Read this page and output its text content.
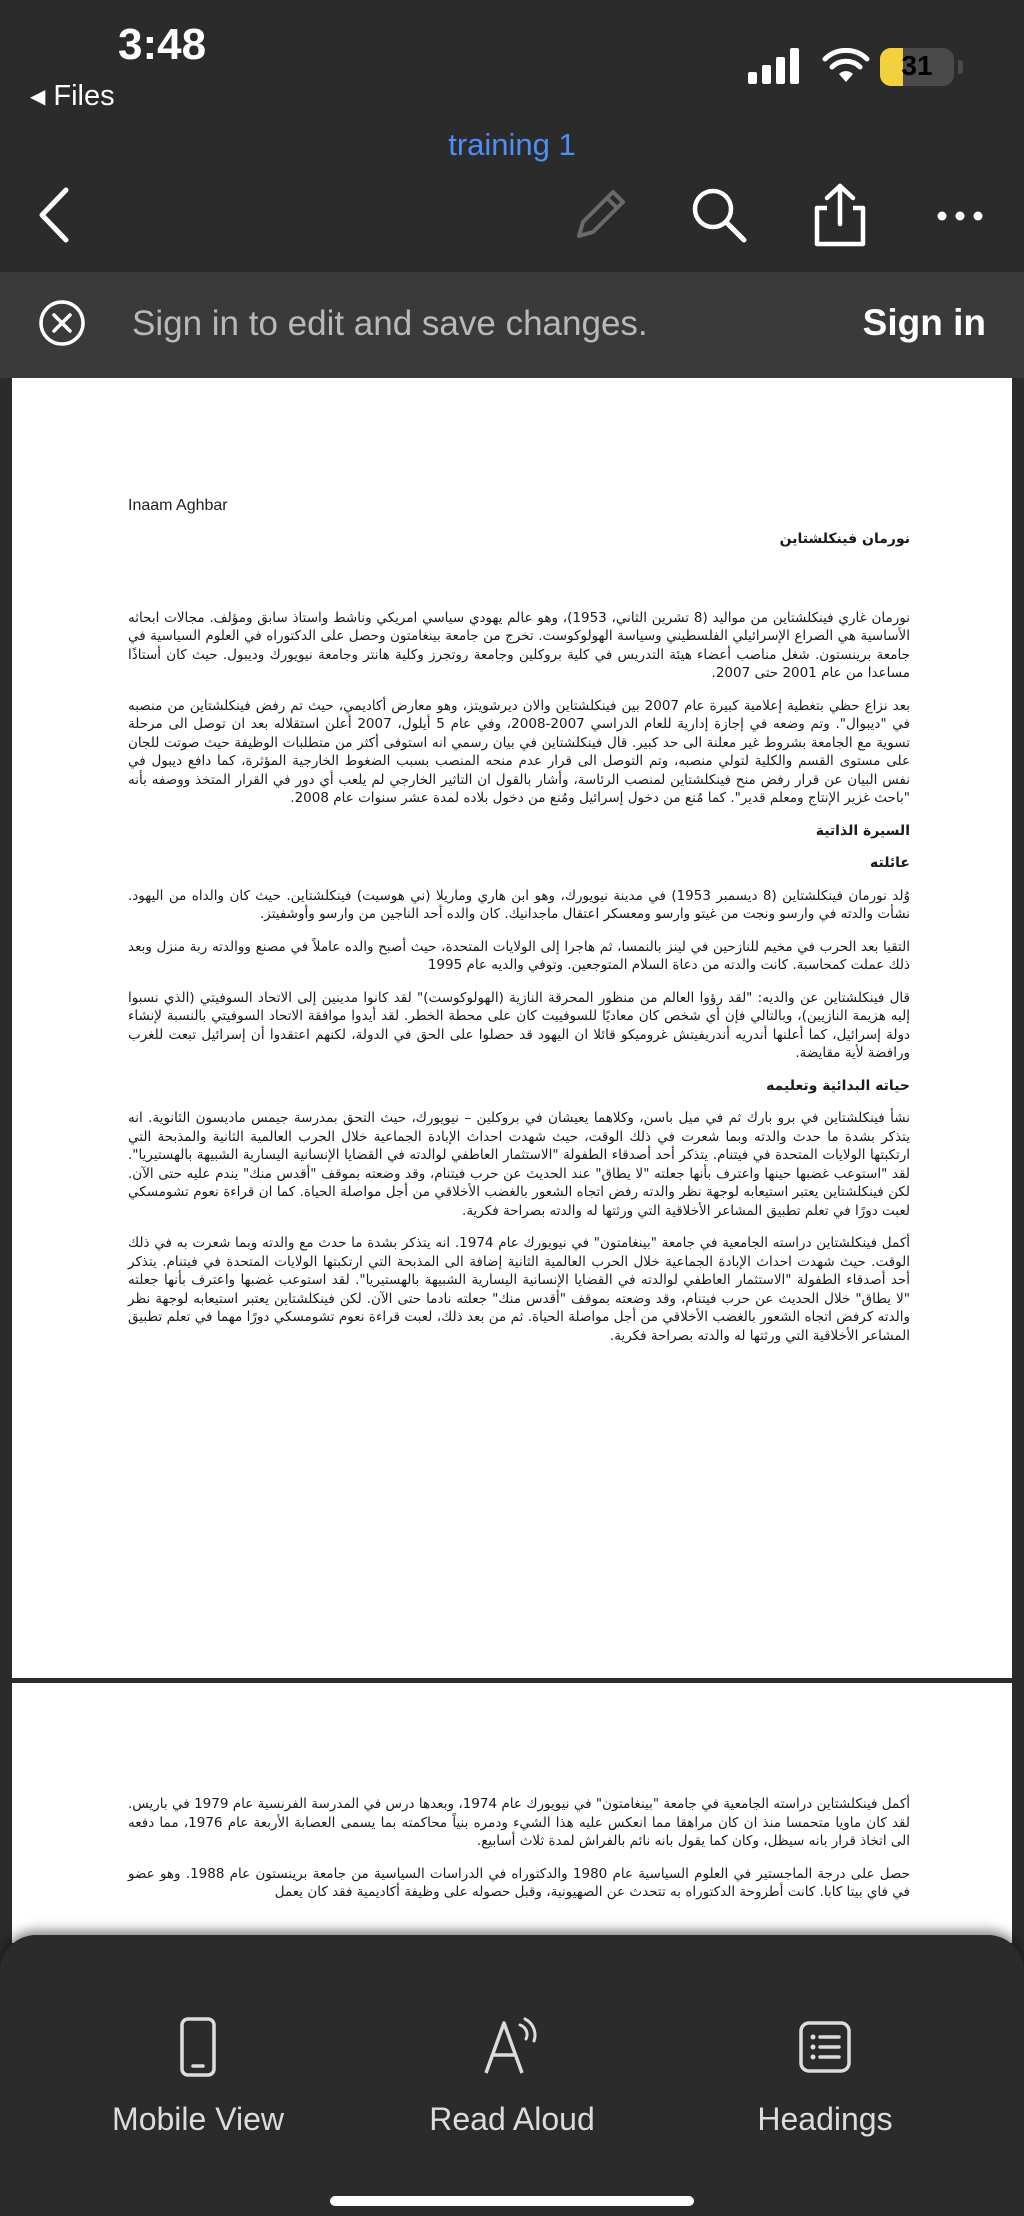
3:48
◀ Files
31
training 1
Sign in to edit and save changes.	Sign in
Inaam Aghbar
نورمان فينكلشتاين

نورمان غاري فينكلشتاين من مواليد (8 تشرين الثاني، 1953)، وهو عالم يهودي سياسي امريكي وناشط واستاذ سابق ومؤلف. مجالات ابحاثه الأساسية هي الصراع الإسرائيلي الفلسطيني وسياسة الهولوكوست. تخرج من جامعة بينغامتون وحصل على الدكتوراه في العلوم السياسية في جامعة برينستون. شغل مناصب أعضاء هيئة التدريس في كلية بروكلين وجامعة روتجرز وكلية هانتر وجامعة نيويورك وديبول. حيث كان أستاذًا مساعدا من عام 2001 حتى 2007.

بعد نزاع حظي بتغطية إعلامية كبيرة عام 2007 بين فينكلشتاين والان ديرشويتز، وهو معارض أكاديمي، حيث تم رفض فينكلشتاين من منصبه في "ديبوال". وتم وضعه في إجازة إدارية للعام الدراسي 2007-2008، وفي عام 5 أيلول، 2007 أعلن استقلاله بعد ان توصل الى مرحلة تسوية مع الجامعة بشروط غير معلنة الى حد كبير. قال فينكلشتاين في بيان رسمي انه استوفى أكثر من متطلبات الوظيفة حيث صوتت للجان على مستوى القسم والكلية لتولي منصبه، وتم التوصل الى قرار عدم منحه المنصب بسبب الضغوط الخارجية المؤثرة، كما دافع ديبول في نفس البيان عن قرار رفض منح فينكلشتاين لمنصب الرئاسة، وأشار بالقول ان التاثير الخارجي لم يلعب أي دور في القرار المتخذ ووصفه بأنه "باحث غزير الإنتاج ومعلم قدير". كما مُنع من دخول إسرائيل ومُنع من دخول بلاده لمدة عشر سنوات عام 2008.

السيرة الذاتية
عائلته

وُلد نورمان فينكلشتاين (8 ديسمبر 1953) في مدينة نيويورك، وهو ابن هاري وماريلا (ني هوسيت) فينكلشتاين. حيث كان والداه من اليهود. نشأت والدته في وارسو ونجت من غيتو وارسو ومعسكر اعتقال ماجدانيك. كان والده أحد الناجين من وارسو وأوشفيتز.

التقيا بعد الحرب في مخيم للنازحين في لينز بالنمسا، ثم هاجرا إلى الولايات المتحدة، حيث أصبح والده عاملاً في مصنع ووالدته ربة منزل وبعد ذلك عملت كمحاسبة. كانت والدته من دعاة السلام المتوجعين. وتوفي والديه عام 1995

قال فينكلشتاين عن والديه: "لقد رؤوا العالم من منظور المحرقة النازية (الهولوكوست)" لقد كانوا مدينين إلى الاتحاد السوفيتي (الذي نسبوا إليه هزيمة النازيين)، وبالتالي فإن أي شخص كان معاديًا للسوفييت كان على محطة الخطر. لقد أيدوا موافقة الاتحاد السوفيتي بالنسبة لإنشاء دولة إسرائيل، كما أعلنها أندريه أندريفيتش غروميكو قائلا ان اليهود قد حصلوا على الحق في الدولة، لكنهم اعتقدوا أن إسرائيل تبعت للغرب ورافضة لأية مقايضة.

حياته البدائية وتعليمه

نشأ فينكلشتاين في برو بارك ثم في ميل باسن، وكلاهما يعيشان في بروكلين – نيويورك، حيث التحق بمدرسة جيمس ماديسون الثانوية. انه يتذكر بشدة ما حدث والدته وبما شعرت في ذلك الوقت، حيث شهدت احداث الإبادة الجماعية خلال الحرب العالمية الثانية والمذبحة التي ارتكبتها الولايات المتحدة في فيتنام. يتذكر أحد أصدقاء الطفولة "الاستثمار العاطفي لوالدته في القضايا الإنسانية اليسارية الشبيهة بالهستيريا". لقد "استوعب غضبها حينها واعترف بأنها جعلته "لا يطاق" عند الحديث عن حرب فيتنام، وقد وضعته بموقف "أقدس منك" يندم عليه حتى الآن. لكن فينكلشتاين يعتبر استيعابه لوجهة نظر والدته رفض اتجاه الشعور بالغضب الأخلاقي من أجل مواصلة الحياة. كما ان قراءة نعوم تشومسكي لعبت دورًا في تعلم تطبيق المشاعر الأخلاقية التي ورثتها له والدته بصراحة فكرية.

أكمل فينكلشتاين دراسته الجامعية في جامعة "بينغامتون" في نيويورك عام 1974. انه يتذكر بشدة ما حدث مع والدته وبما شعرت به في ذلك الوقت. حيث شهدت احداث الإبادة الجماعية خلال الحرب العالمية الثانية إضافة الى المذبحة التي ارتكبتها الولايات المتحدة في فيتنام. يتذكر أحد أصدقاء الطفولة "الاستثمار العاطفي لوالدته في القضايا الإنسانية اليسارية الشبيهة بالهستيريا". لقد استوعب غضبها واعترف بأنها جعلته "لا يطاق" خلال الحديث عن حرب فيتنام، وقد وضعته بموقف "أقدس منك" جعلته نادما حتى الآن. لكن فينكلشتاين يعتبر استيعابه لوجهة نظر والدته كرفض اتجاه الشعور بالغضب الأخلاقي من أجل مواصلة الحياة. ثم من بعد ذلك، لعبت قراءة نعوم تشومسكي دورًا مهما في تعلم تطبيق المشاعر الأخلاقية التي ورثتها له والدته بصراحة فكرية.

أكمل فينكلشتاين دراسته الجامعية في جامعة "بينغامتون" في نيويورك عام 1974، وبعدها درس في المدرسة الفرنسية عام 1979 في باريس. لقد كان ماويا متحمسا منذ ان كان مراهقا مما انعكس عليه هذا الشيء ودمره بنياً محاكمته بما يسمى العصابة الأربعة عام 1976، مما دفعه الى اتخاذ قرار بانه سيظل، وكان كما يقول بانه نائم بالفراش لمدة ثلاث أسابيع.

حصل على درجة الماجستير في العلوم السياسية عام 1980 والدكتوراه في الدراسات السياسية من جامعة برينستون عام 1988. وهو عضو في فاي بيتا كابا. كانت أطروحة الدكتوراه به تتحدث عن الصهيونية، وقبل حصوله على وظيفة أكاديمية فقد كان يعمل

Mobile View	Read Aloud	Headings
